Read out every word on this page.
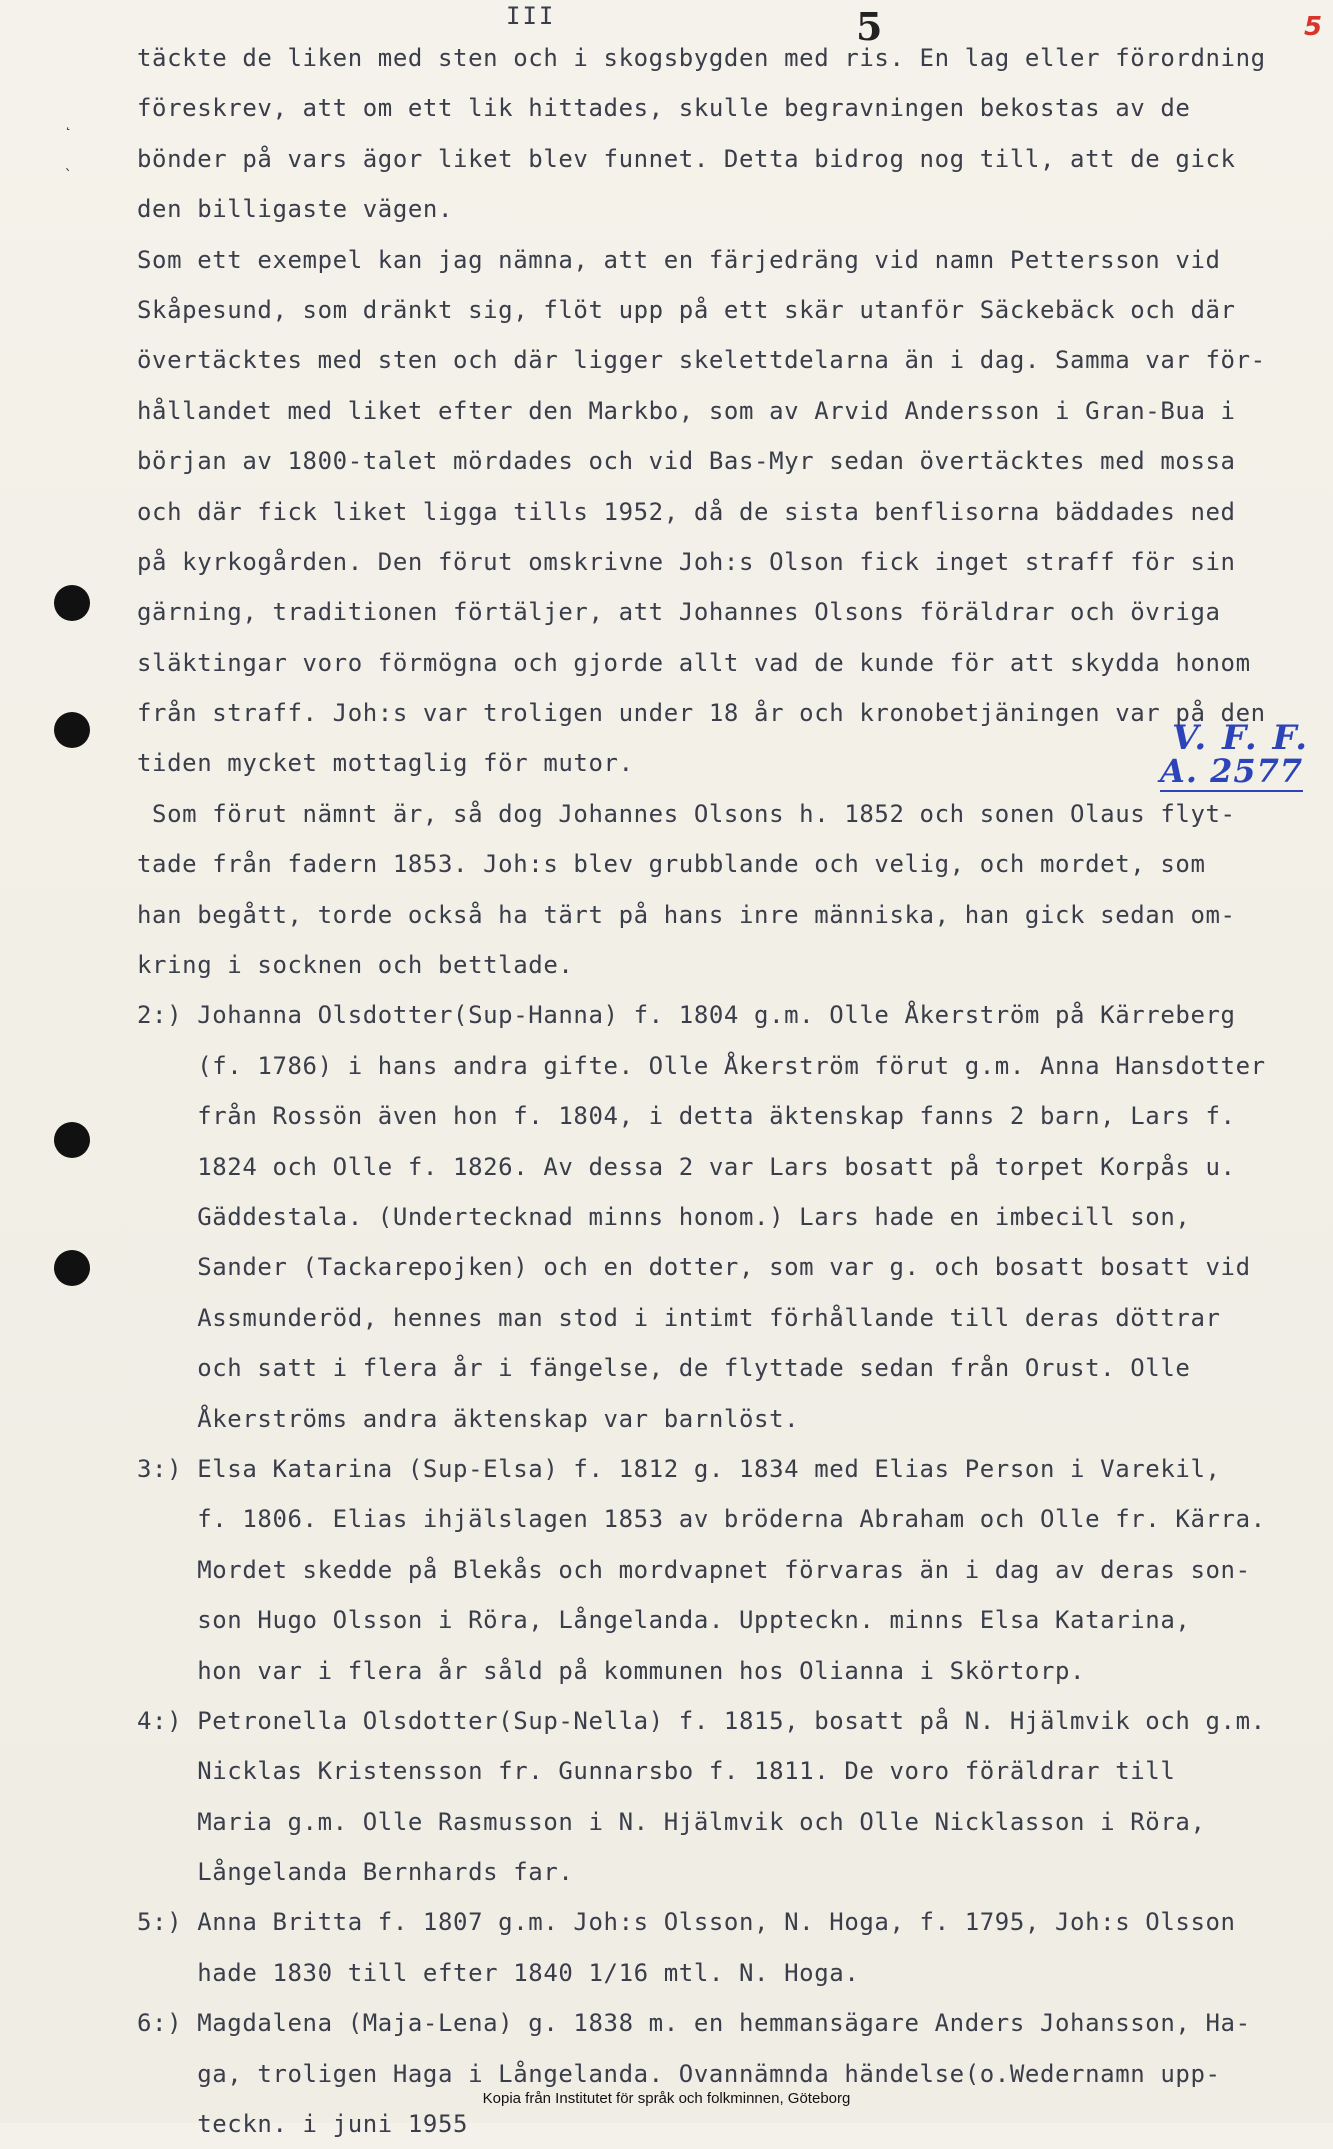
˛
`
III	5	5
V. F. F.
A. 2577
täckte de liken med sten och i skogsbygden med ris. En lag eller förordning
föreskrev, att om ett lik hittades, skulle begravningen bekostas av de
bönder på vars ägor liket blev funnet. Detta bidrog nog till, att de gick
den billigaste vägen.
Som ett exempel kan jag nämna, att en färjedräng vid namn Pettersson vid
Skåpesund, som dränkt sig, flöt upp på ett skär utanför Säckebäck och där
övertäcktes med sten och där ligger skelettdelarna än i dag. Samma var för-
hållandet med liket efter den Markbo, som av Arvid Andersson i Gran-Bua i
början av 1800-talet mördades och vid Bas-Myr sedan övertäcktes med mossa
och där fick liket ligga tills 1952, då de sista benflisorna bäddades ned
på kyrkogården. Den förut omskrivne Joh:s Olson fick inget straff för sin
gärning, traditionen förtäljer, att Johannes Olsons föräldrar och övriga
släktingar voro förmögna och gjorde allt vad de kunde för att skydda honom
från straff. Joh:s var troligen under 18 år och kronobetjäningen var på den
tiden mycket mottaglig för mutor.
Som förut nämnt är, så dog Johannes Olsons h. 1852 och sonen Olaus flyt-
tade från fadern 1853. Joh:s blev grubblande och velig, och mordet, som
han begått, torde också ha tärt på hans inre människa, han gick sedan om-
kring i socknen och bettlade.
2:) Johanna Olsdotter(Sup-Hanna) f. 1804 g.m. Olle Åkerström på Kärreberg
(f. 1786) i hans andra gifte. Olle Åkerström förut g.m. Anna Hansdotter
från Rossön även hon f. 1804, i detta äktenskap fanns 2 barn, Lars f.
1824 och Olle f. 1826. Av dessa 2 var Lars bosatt på torpet Korpås u.
Gäddestala. (Undertecknad minns honom.) Lars hade en imbecill son,
Sander (Tackarepojken) och en dotter, som var g. och bosatt bosatt vid
Assmunderöd, hennes man stod i intimt förhållande till deras döttrar
och satt i flera år i fängelse, de flyttade sedan från Orust. Olle
Åkerströms andra äktenskap var barnlöst.
3:) Elsa Katarina (Sup-Elsa) f. 1812 g. 1834 med Elias Person i Varekil,
f. 1806. Elias ihjälslagen 1853 av bröderna Abraham och Olle fr. Kärra.
Mordet skedde på Blekås och mordvapnet förvaras än i dag av deras son-
son Hugo Olsson i Röra, Långelanda. Uppteckn. minns Elsa Katarina,
hon var i flera år såld på kommunen hos Olianna i Skörtorp.
4:) Petronella Olsdotter(Sup-Nella) f. 1815, bosatt på N. Hjälmvik och g.m.
Nicklas Kristensson fr. Gunnarsbo f. 1811. De voro föräldrar till
Maria g.m. Olle Rasmusson i N. Hjälmvik och Olle Nicklasson i Röra,
Långelanda Bernhards far.
5:) Anna Britta f. 1807 g.m. Joh:s Olsson, N. Hoga, f. 1795, Joh:s Olsson
hade 1830 till efter 1840 1/16 mtl. N. Hoga.
6:) Magdalena (Maja-Lena) g. 1838 m. en hemmansägare Anders Johansson, Ha-
ga, troligen Haga i Långelanda. Ovannämnda händelse(o.Wedernamn upp-
teckn. i juni 1955
Kopia från Institutet för språk och folkminnen, Göteborg
